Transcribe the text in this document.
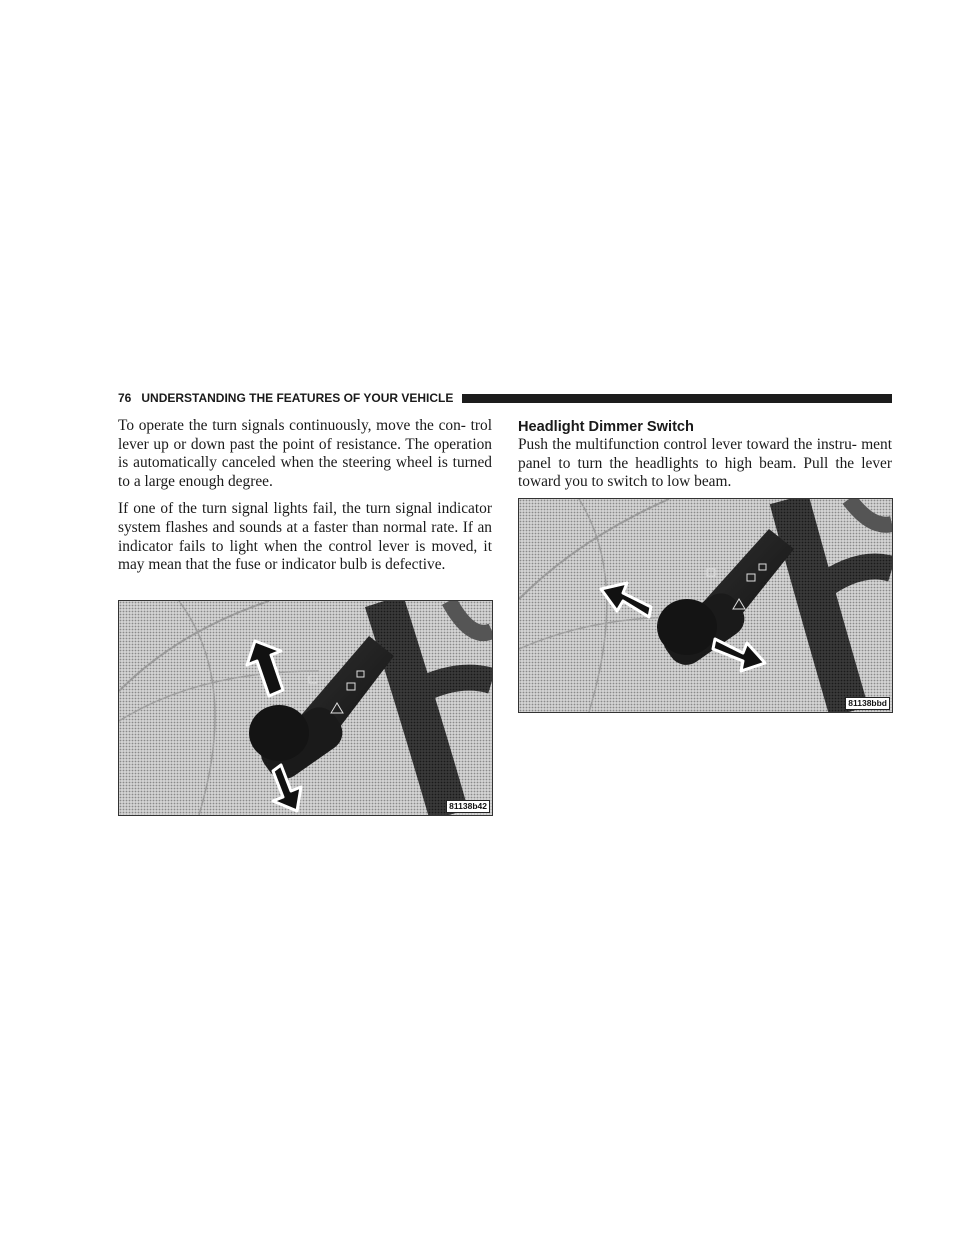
76 UNDERSTANDING THE FEATURES OF YOUR VEHICLE

To operate the turn signals continuously, move the con- trol lever up or down past the point of resistance. The operation is automatically canceled when the steering wheel is turned to a large enough degree.

If one of the turn signal lights fail, the turn signal indicator system flashes and sounds at a faster than normal rate. If an indicator fails to light when the control lever is moved, it may mean that the fuse or indicator bulb is defective.

Headlight Dimmer Switch

Push the multifunction control lever toward the instru- ment panel to turn the headlights to high beam. Pull the lever toward you to switch to low beam.

81138b42
81138bbd
